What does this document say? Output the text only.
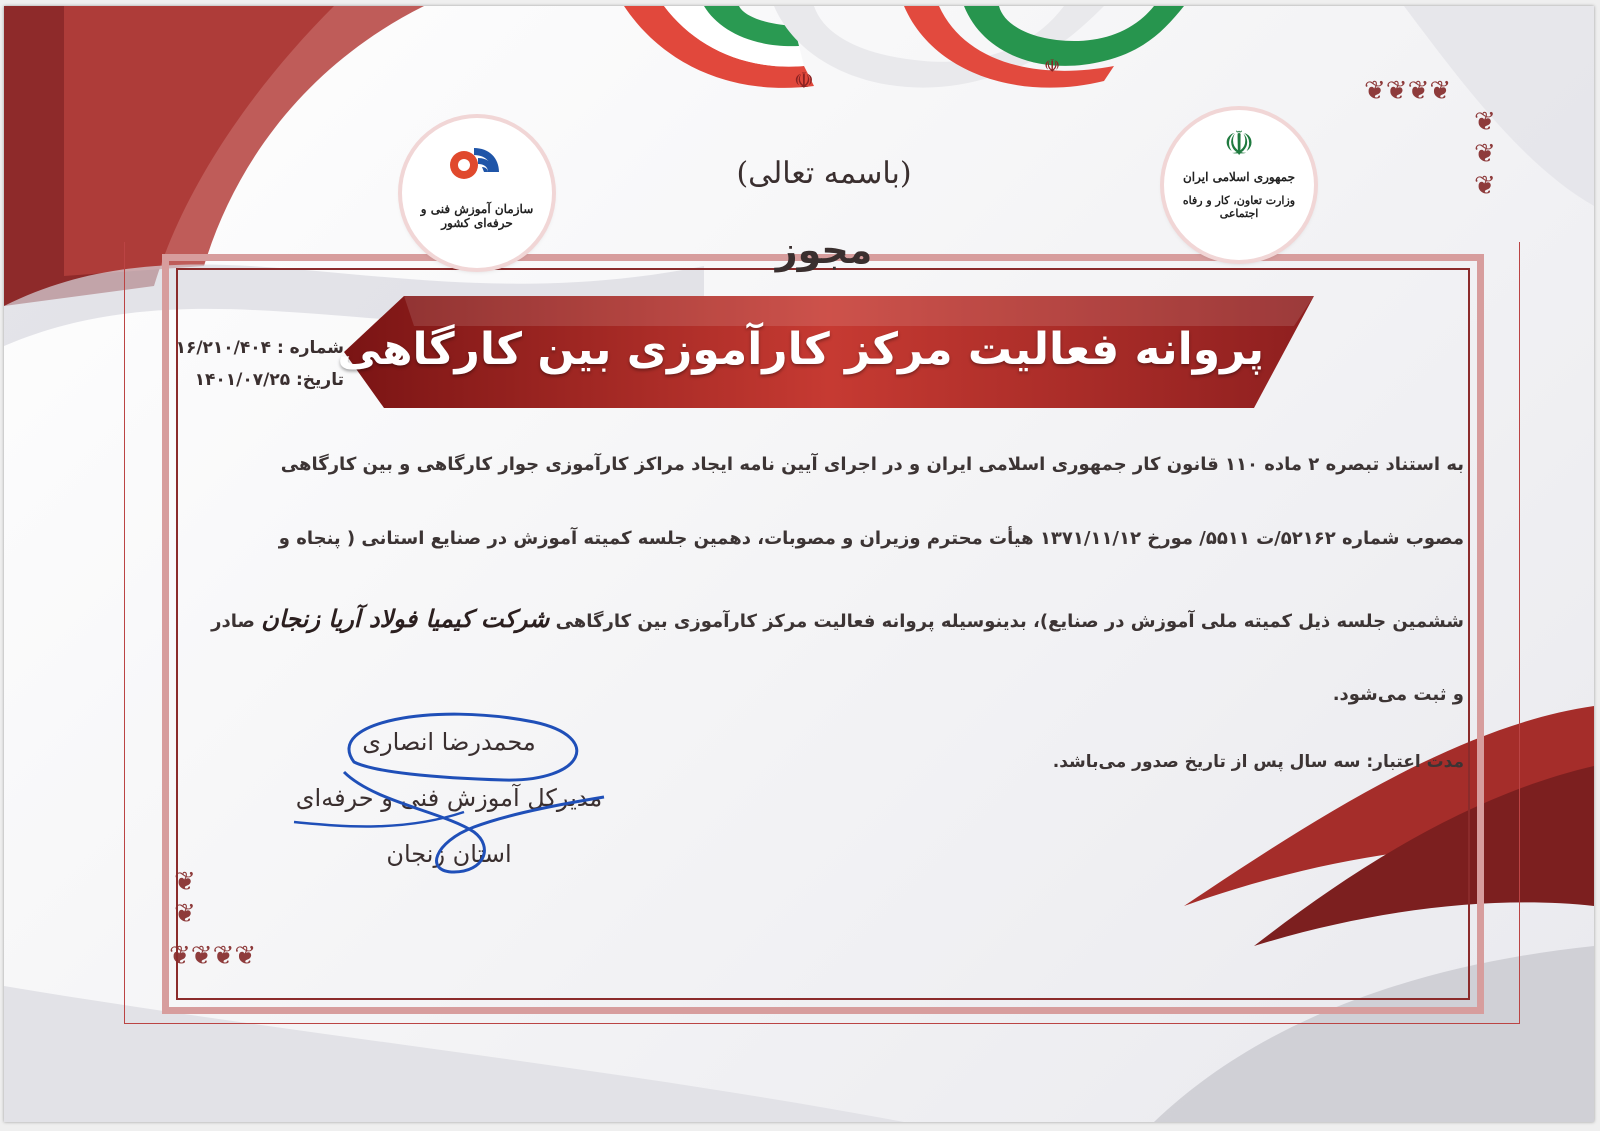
☫
☫
❦❦❦❦
❦
❦
❦
❦❦❦❦
❦
❦
سازمان آموزش فنی و حرفه‌ای کشور
☫
جمهوری اسلامی ایران
وزارت تعاون، کار و رفاه اجتماعی
(باسمه تعالی)
مجوز
پروانه فعالیت مرکز کارآموزی بین کارگاهی
شماره : ۱۶/۲۱۰/۴۰۴
تاریخ: ۱۴۰۱/۰۷/۲۵
به استناد تبصره ۲ ماده ۱۱۰ قانون کار جمهوری اسلامی ایران و در اجرای آیین نامه ایجاد مراکز کارآموزی جوار کارگاهی و بین کارگاهی
مصوب شماره ۵۲۱۶۲/ت ۵۵۱۱/ مورخ ۱۳۷۱/۱۱/۱۲ هیأت محترم وزیران و مصوبات، دهمین جلسه کمیته آموزش در صنایع استانی ( پنجاه و
ششمین جلسه ذیل کمیته ملی آموزش در صنایع)، بدینوسیله پروانه فعالیت مرکز کارآموزی بین کارگاهی شرکت کیمیا فولاد آریا زنجان صادر
و ثبت می‌شود.
مدت اعتبار: سه سال پس از تاریخ صدور می‌باشد.
محمدرضا انصاری
مدیرکل آموزش فنی و حرفه‌ای
استان زنجان
